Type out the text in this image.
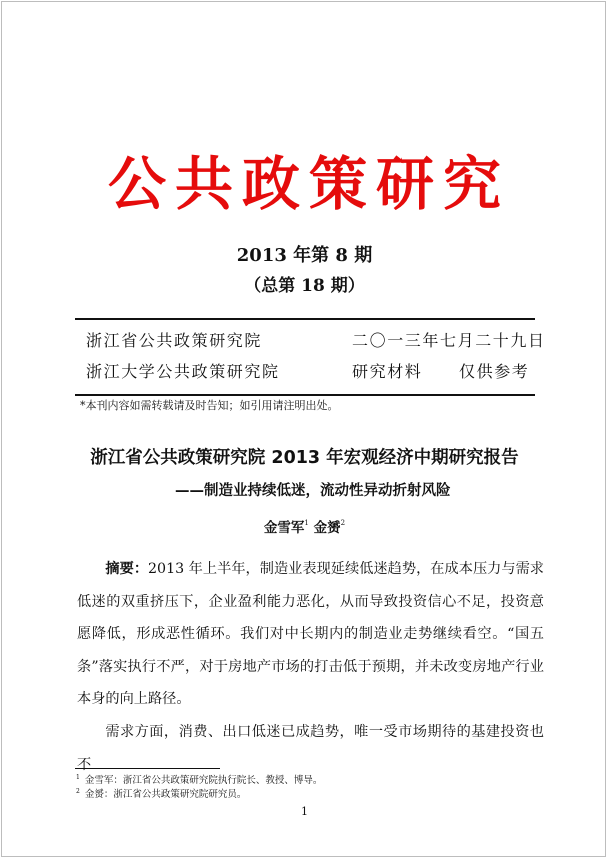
公共政策研究
2013 年第 8 期
（总第 18 期）
浙江省公共政策研究院	二〇一三年七月二十九日
浙江大学公共政策研究院	研究材料 仅供参考
*本刊内容如需转载请及时告知；如引用请注明出处。
浙江省公共政策研究院 2013 年宏观经济中期研究报告
——制造业持续低迷，流动性异动折射风险
金雪军$^1$ 金赟$^2$

摘要：2013 年上半年，制造业表现延续低迷趋势，在成本压力与需求低迷的双重挤压下，企业盈利能力恶化，从而导致投资信心不足，投资意愿降低，形成恶性循环。我们对中长期内的制造业走势继续看空。“国五条”落实执行不严，对于房地产市场的打击低于预期，并未改变房地产行业本身的向上路径。

需求方面，消费、出口低迷已成趋势，唯一受市场期待的基建投资也不

$^1$ 金雪军：浙江省公共政策研究院执行院长、教授、博导。
$^2$ 金赟：浙江省公共政策研究院研究员。
1
